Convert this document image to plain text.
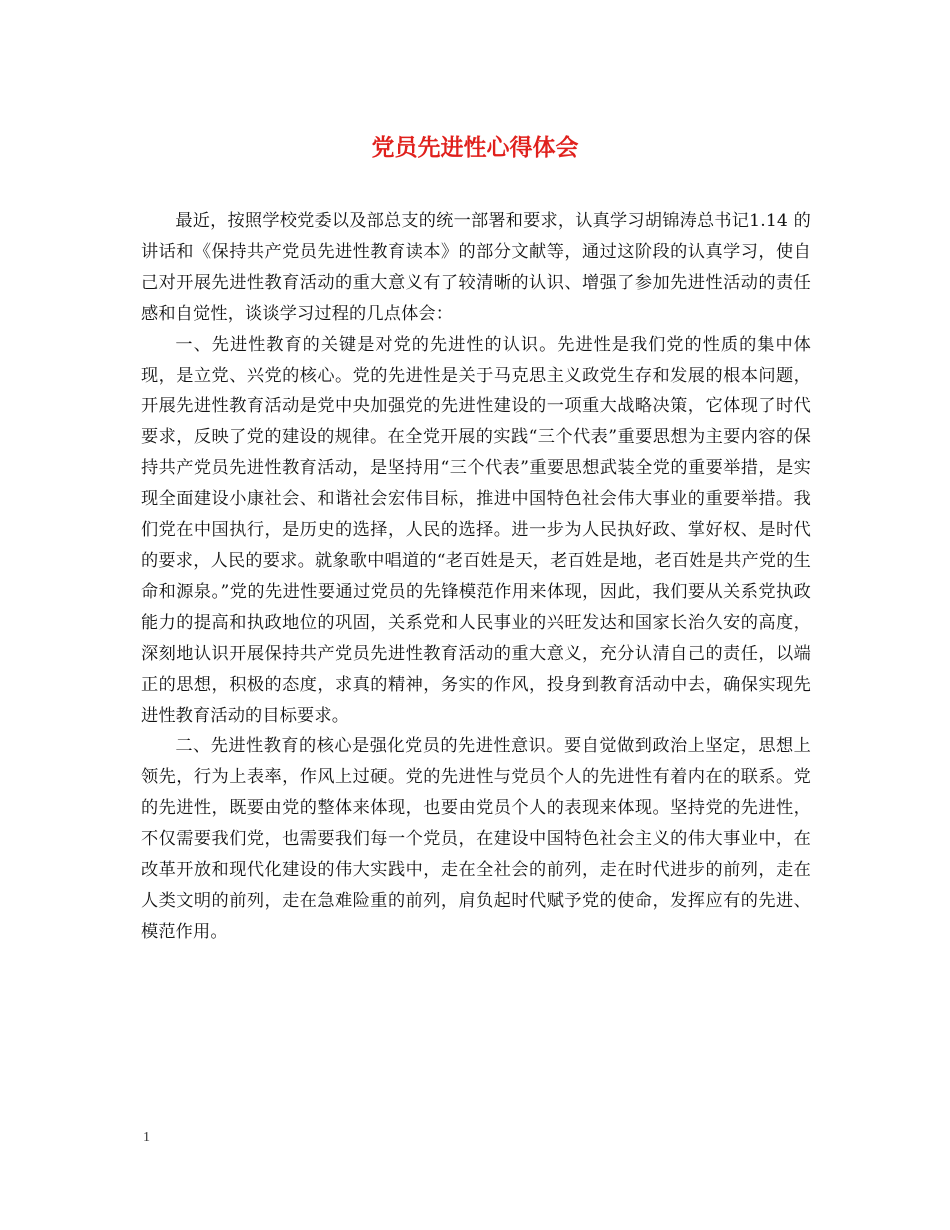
党员先进性心得体会

最近，按照学校党委以及部总支的统一部署和要求，认真学习胡锦涛总书记1.14 的讲话和《保持共产党员先进性教育读本》的部分文献等，通过这阶段的认真学习，使自己对开展先进性教育活动的重大意义有了较清晰的认识、增强了参加先进性活动的责任感和自觉性，谈谈学习过程的几点体会：

一、先进性教育的关键是对党的先进性的认识。先进性是我们党的性质的集中体现，是立党、兴党的核心。党的先进性是关于马克思主义政党生存和发展的根本问题，开展先进性教育活动是党中央加强党的先进性建设的一项重大战略决策，它体现了时代要求，反映了党的建设的规律。在全党开展的实践“三个代表”重要思想为主要内容的保持共产党员先进性教育活动，是坚持用“三个代表”重要思想武装全党的重要举措，是实现全面建设小康社会、和谐社会宏伟目标，推进中国特色社会伟大事业的重要举措。我们党在中国执行，是历史的选择，人民的选择。进一步为人民执好政、掌好权、是时代的要求，人民的要求。就象歌中唱道的“老百姓是天，老百姓是地，老百姓是共产党的生命和源泉。”党的先进性要通过党员的先锋模范作用来体现，因此，我们要从关系党执政能力的提高和执政地位的巩固，关系党和人民事业的兴旺发达和国家长治久安的高度，深刻地认识开展保持共产党员先进性教育活动的重大意义，充分认清自己的责任，以端正的思想，积极的态度，求真的精神，务实的作风，投身到教育活动中去，确保实现先进性教育活动的目标要求。

二、先进性教育的核心是强化党员的先进性意识。要自觉做到政治上坚定，思想上领先，行为上表率，作风上过硬。党的先进性与党员个人的先进性有着内在的联系。党的先进性，既要由党的整体来体现，也要由党员个人的表现来体现。坚持党的先进性，不仅需要我们党，也需要我们每一个党员，在建设中国特色社会主义的伟大事业中，在改革开放和现代化建设的伟大实践中，走在全社会的前列，走在时代进步的前列，走在人类文明的前列，走在急难险重的前列，肩负起时代赋予党的使命，发挥应有的先进、模范作用。

1
